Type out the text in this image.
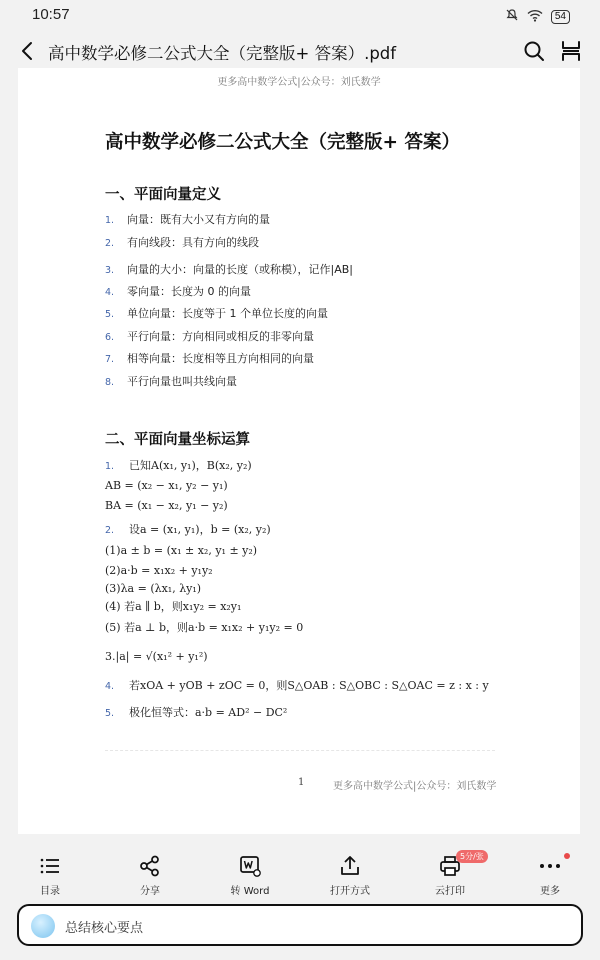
10:57	54
高中数学必修二公式大全（完整版+ 答案）.pdf
更多高中数学公式|公众号：刘氏数学
高中数学必修二公式大全（完整版+ 答案）
一、平面向量定义
1. 向量：既有大小又有方向的量
2. 有向线段：具有方向的线段
3. 向量的大小：向量的长度（或称模），记作|AB|
4. 零向量：长度为 0 的向量
5. 单位向量：长度等于 1 个单位长度的向量
6. 平行向量：方向相同或相反的非零向量
7. 相等向量：长度相等且方向相同的向量
8. 平行向量也叫共线向量
二、平面向量坐标运算
1. 已知A(x₁, y₁)，B(x₂, y₂)
AB = (x₂ − x₁, y₂ − y₁)
BA = (x₁ − x₂, y₁ − y₂)
2. 设a = (x₁, y₁)，b = (x₂, y₂)
(1)a ± b = (x₁ ± x₂, y₁ ± y₂)
(2)a·b = x₁x₂ + y₁y₂
(3)λa = (λx₁, λy₁)
(4) 若a ∥ b，则x₁y₂ = x₂y₁
(5) 若a ⊥ b，则a·b = x₁x₂ + y₁y₂ = 0
3.|a| = √(x₁² + y₁²)
4. 若xOA + yOB + zOC = 0，则S△OAB : S△OBC : S△OAC = z : x : y
5. 极化恒等式：a·b = AD² − DC²
1	更多高中数学公式|公众号：刘氏数学
目录	分享	转 Word	打开方式
5分/张
云打印	更多
总结核心要点
